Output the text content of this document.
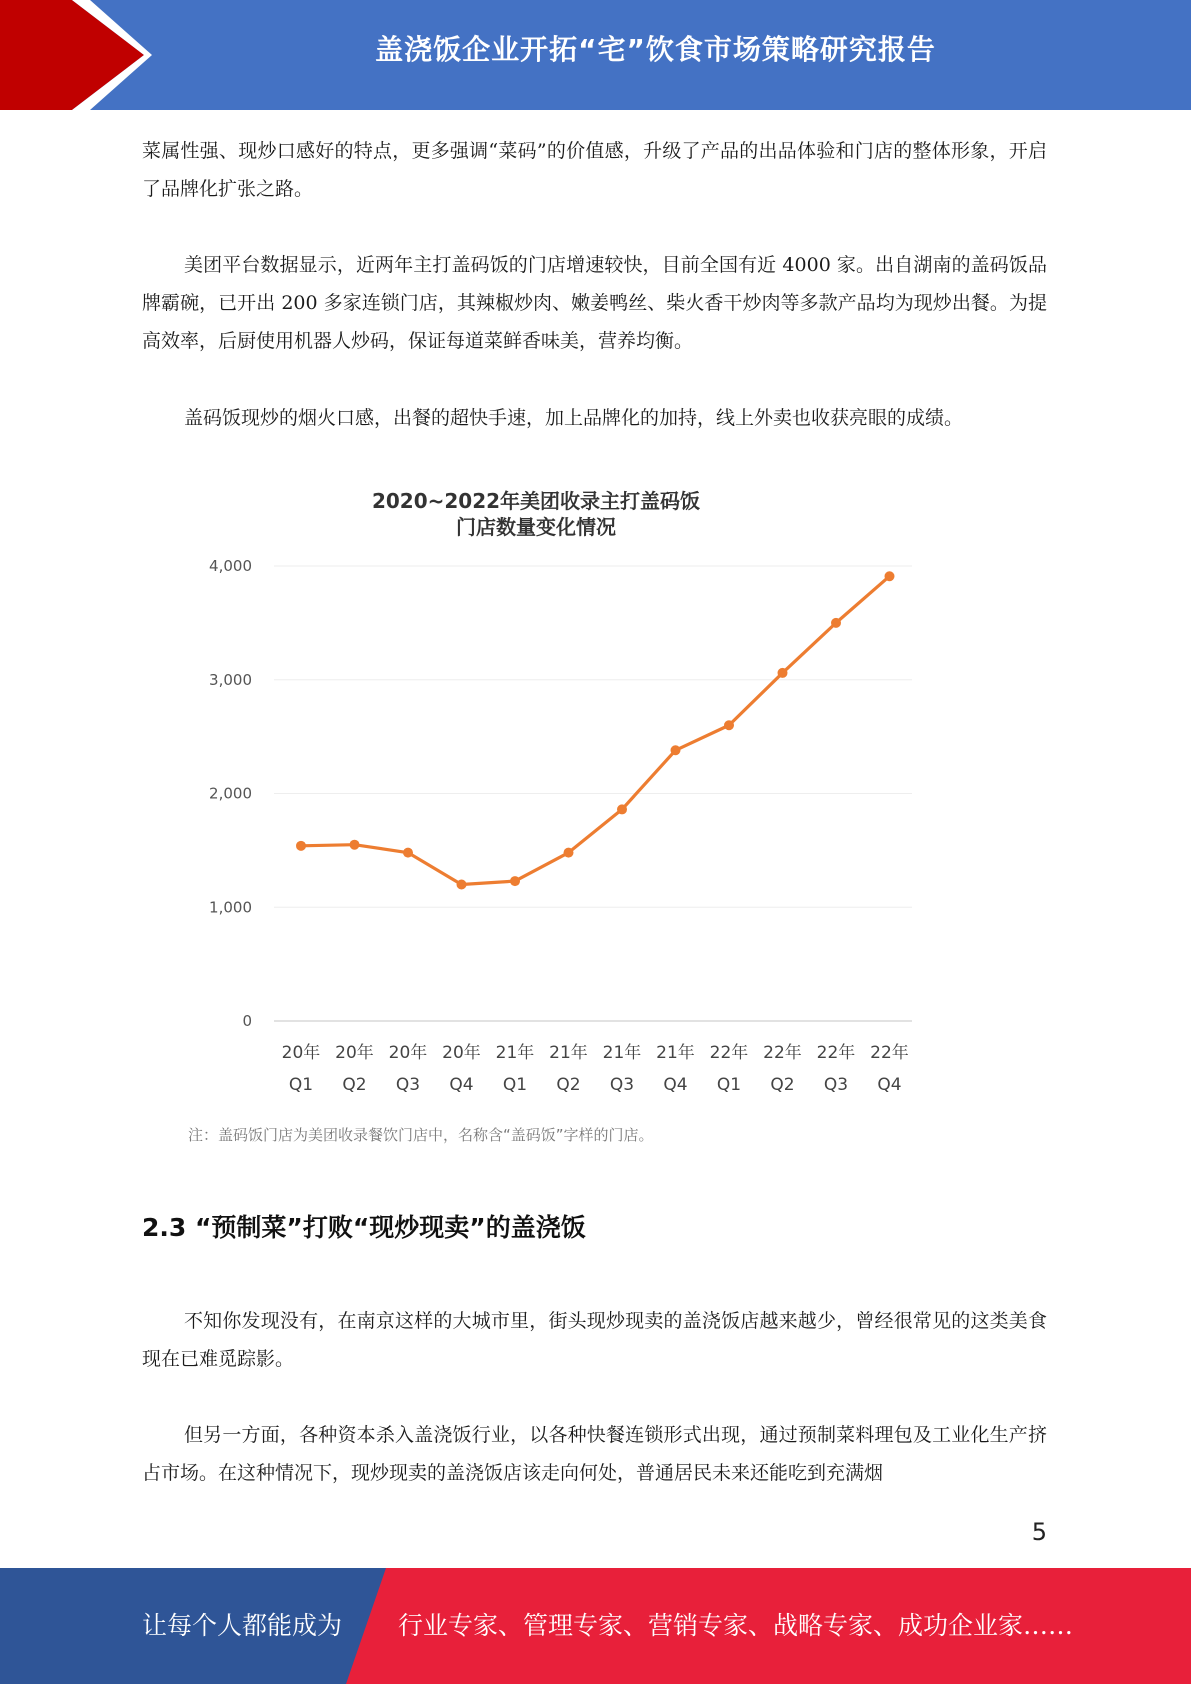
盖浇饭企业开拓“宅”饮食市场策略研究报告

菜属性强、现炒口感好的特点，更多强调“菜码”的价值感，升级了产品的出品体验和门店的整体形象，开启了品牌化扩张之路。

美团平台数据显示，近两年主打盖码饭的门店增速较快，目前全国有近 4000 家。出自湖南的盖码饭品牌霸碗，已开出 200 多家连锁门店，其辣椒炒肉、嫩姜鸭丝、柴火香干炒肉等多款产品均为现炒出餐。为提高效率，后厨使用机器人炒码，保证每道菜鲜香味美，营养均衡。

盖码饭现炒的烟火口感，出餐的超快手速，加上品牌化的加持，线上外卖也收获亮眼的成绩。

2020~2022年美团收录主打盖码饭
门店数量变化情况
0
1,000
2,000
3,000
4,000
20年
Q1
20年
Q2
20年
Q3
20年
Q4
21年
Q1
21年
Q2
21年
Q3
21年
Q4
22年
Q1
22年
Q2
22年
Q3
22年
Q4
注：盖码饭门店为美团收录餐饮门店中，名称含“盖码饭”字样的门店。
2.3 “预制菜”打败“现炒现卖”的盖浇饭

不知你发现没有，在南京这样的大城市里，街头现炒现卖的盖浇饭店越来越少，曾经很常见的这类美食现在已难觅踪影。

但另一方面，各种资本杀入盖浇饭行业，以各种快餐连锁形式出现，通过预制菜料理包及工业化生产挤占市场。在这种情况下，现炒现卖的盖浇饭店该走向何处，普通居民未来还能吃到充满烟

5
让每个人都能成为 行业专家、管理专家、营销专家、战略专家、成功企业家……
